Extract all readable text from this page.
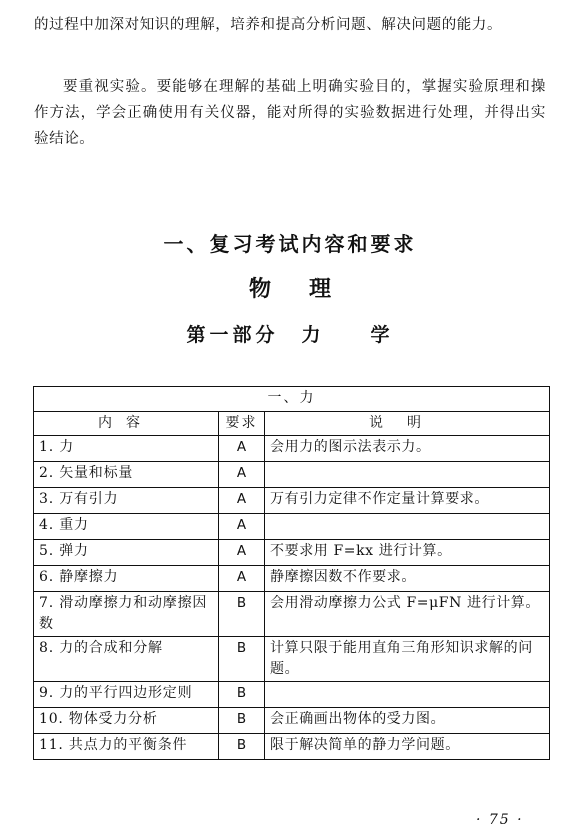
的过程中加深对知识的理解，培养和提高分析问题、解决问题的能力。

要重视实验。要能够在理解的基础上明确实验目的，掌握实验原理和操作方法，学会正确使用有关仪器，能对所得的实验数据进行处理，并得出实验结论。

一、复习考试内容和要求
物理
第一部分　力　　学
一、力		
内容	要求	说明
1. 力	A	会用力的图示法表示力。
2. 矢量和标量	A	
3. 万有引力	A	万有引力定律不作定量计算要求。
4. 重力	A	
5. 弹力	A	不要求用 F=kx 进行计算。
6. 静摩擦力	A	静摩擦因数不作要求。
7. 滑动摩擦力和动摩擦因数	B	会用滑动摩擦力公式 F=μFN 进行计算。
8. 力的合成和分解	B	计算只限于能用直角三角形知识求解的问题。
9. 力的平行四边形定则	B	
10. 物体受力分析	B	会正确画出物体的受力图。
11. 共点力的平衡条件	B	限于解决简单的静力学问题。
· 75 ·
